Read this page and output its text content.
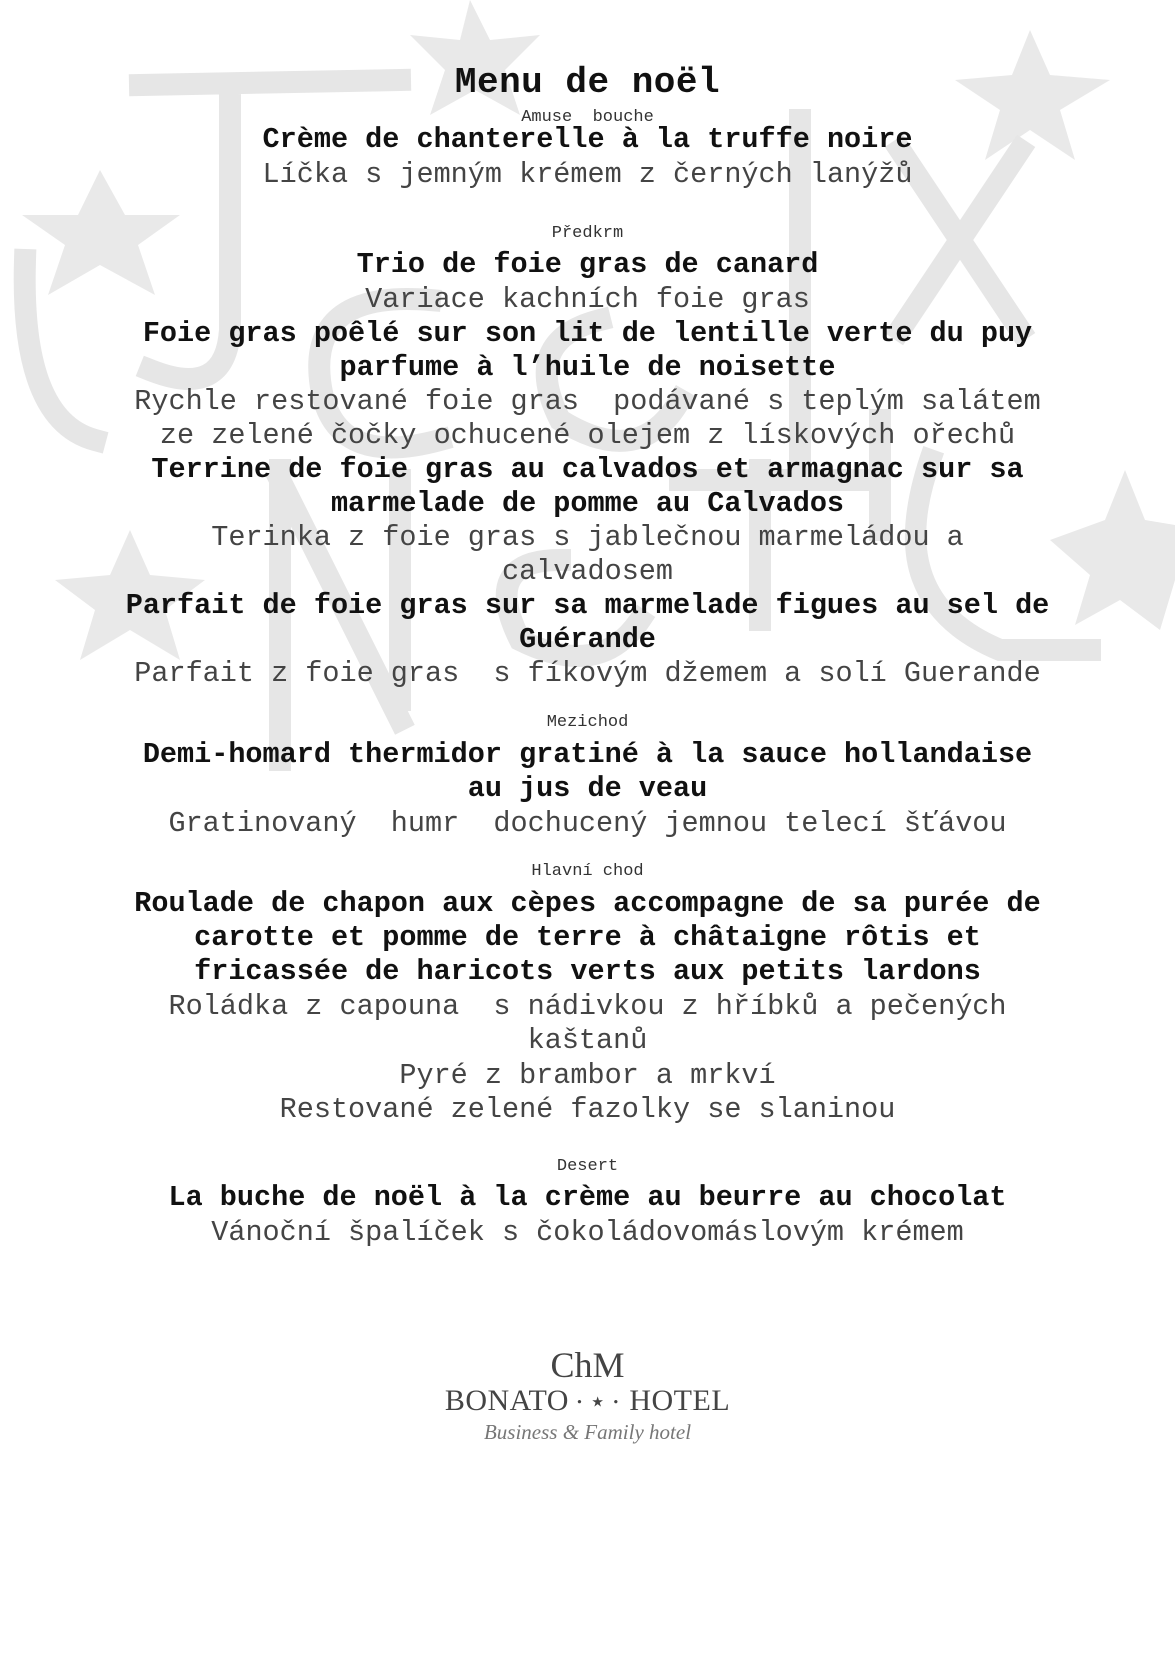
Menu de noël
Amuse  bouche
Crème de chanterelle à la truffe noire
Líčka s jemným krémem z černých lanýžů
Předkrm
Trio de foie gras de canard
Variace kachních foie gras
Foie gras poêlé sur son lit de lentille verte du puy
parfume à l’huile de noisette
Rychle restované foie gras  podávané s teplým salátem
ze zelené čočky ochucené olejem z lískových ořechů
Terrine de foie gras au calvados et armagnac sur sa
marmelade de pomme au Calvados
Terinka z foie gras s jablečnou marmeládou a
calvadosem
Parfait de foie gras sur sa marmelade figues au sel de
Guérande
Parfait z foie gras  s fíkovým džemem a solí Guerande
Mezichod
Demi-homard thermidor gratiné à la sauce hollandaise
au jus de veau
Gratinovaný  humr  dochucený jemnou telecí šťávou
Hlavní chod
Roulade de chapon aux cèpes accompagne de sa purée de
carotte et pomme de terre à châtaigne rôtis et
fricassée de haricots verts aux petits lardons
Roládka z capouna  s nádivkou z hříbků a pečených
kaštanů
Pyré z brambor a mrkví
Restované zelené fazolky se slaninou
Desert
La buche de noël à la crème au beurre au chocolat
Vánoční špalíček s čokoládovomáslovým krémem
ChM
BONATO • ★ • HOTEL
Business & Family hotel
